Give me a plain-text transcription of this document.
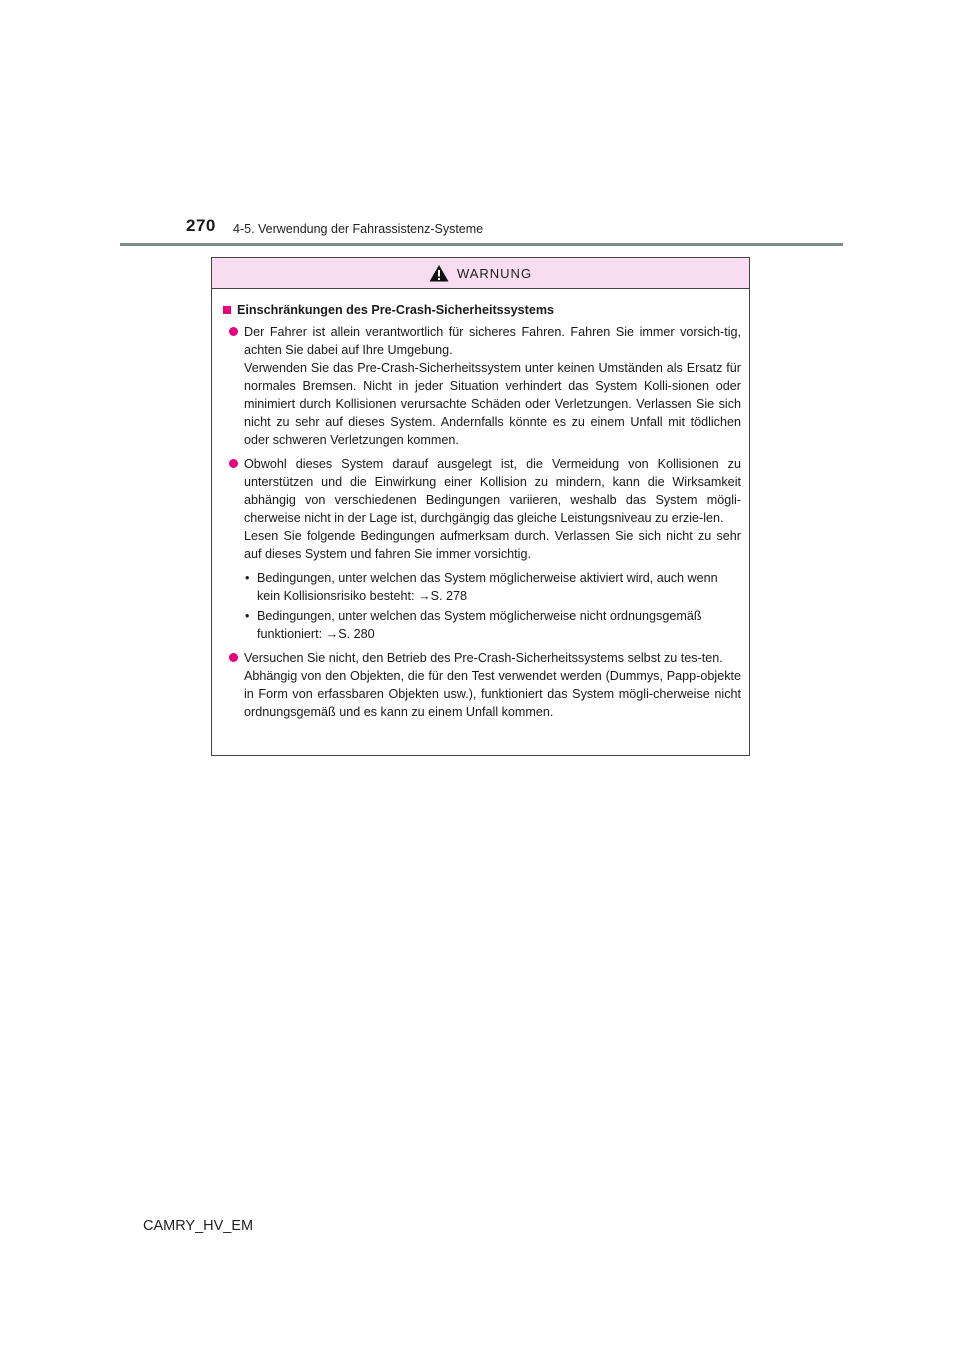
270 4-5. Verwendung der Fahrassistenz-Systeme
WARNUNG
Einschränkungen des Pre-Crash-Sicherheitssystems

Der Fahrer ist allein verantwortlich für sicheres Fahren. Fahren Sie immer vorsich-tig, achten Sie dabei auf Ihre Umgebung.

Verwenden Sie das Pre-Crash-Sicherheitssystem unter keinen Umständen als Ersatz für normales Bremsen. Nicht in jeder Situation verhindert das System Kolli-sionen oder minimiert durch Kollisionen verursachte Schäden oder Verletzungen. Verlassen Sie sich nicht zu sehr auf dieses System. Andernfalls könnte es zu einem Unfall mit tödlichen oder schweren Verletzungen kommen.

Obwohl dieses System darauf ausgelegt ist, die Vermeidung von Kollisionen zu unterstützen und die Einwirkung einer Kollision zu mindern, kann die Wirksamkeit abhängig von verschiedenen Bedingungen variieren, weshalb das System mögli-cherweise nicht in der Lage ist, durchgängig das gleiche Leistungsniveau zu erzie-len.

Lesen Sie folgende Bedingungen aufmerksam durch. Verlassen Sie sich nicht zu sehr auf dieses System und fahren Sie immer vorsichtig.

• Bedingungen, unter welchen das System möglicherweise aktiviert wird, auch wenn kein Kollisionsrisiko besteht: →S. 278
• Bedingungen, unter welchen das System möglicherweise nicht ordnungsgemäß funktioniert: →S. 280

Versuchen Sie nicht, den Betrieb des Pre-Crash-Sicherheitssystems selbst zu tes-ten.

Abhängig von den Objekten, die für den Test verwendet werden (Dummys, Papp-objekte in Form von erfassbaren Objekten usw.), funktioniert das System mögli-cherweise nicht ordnungsgemäß und es kann zu einem Unfall kommen.

CAMRY_HV_EM
